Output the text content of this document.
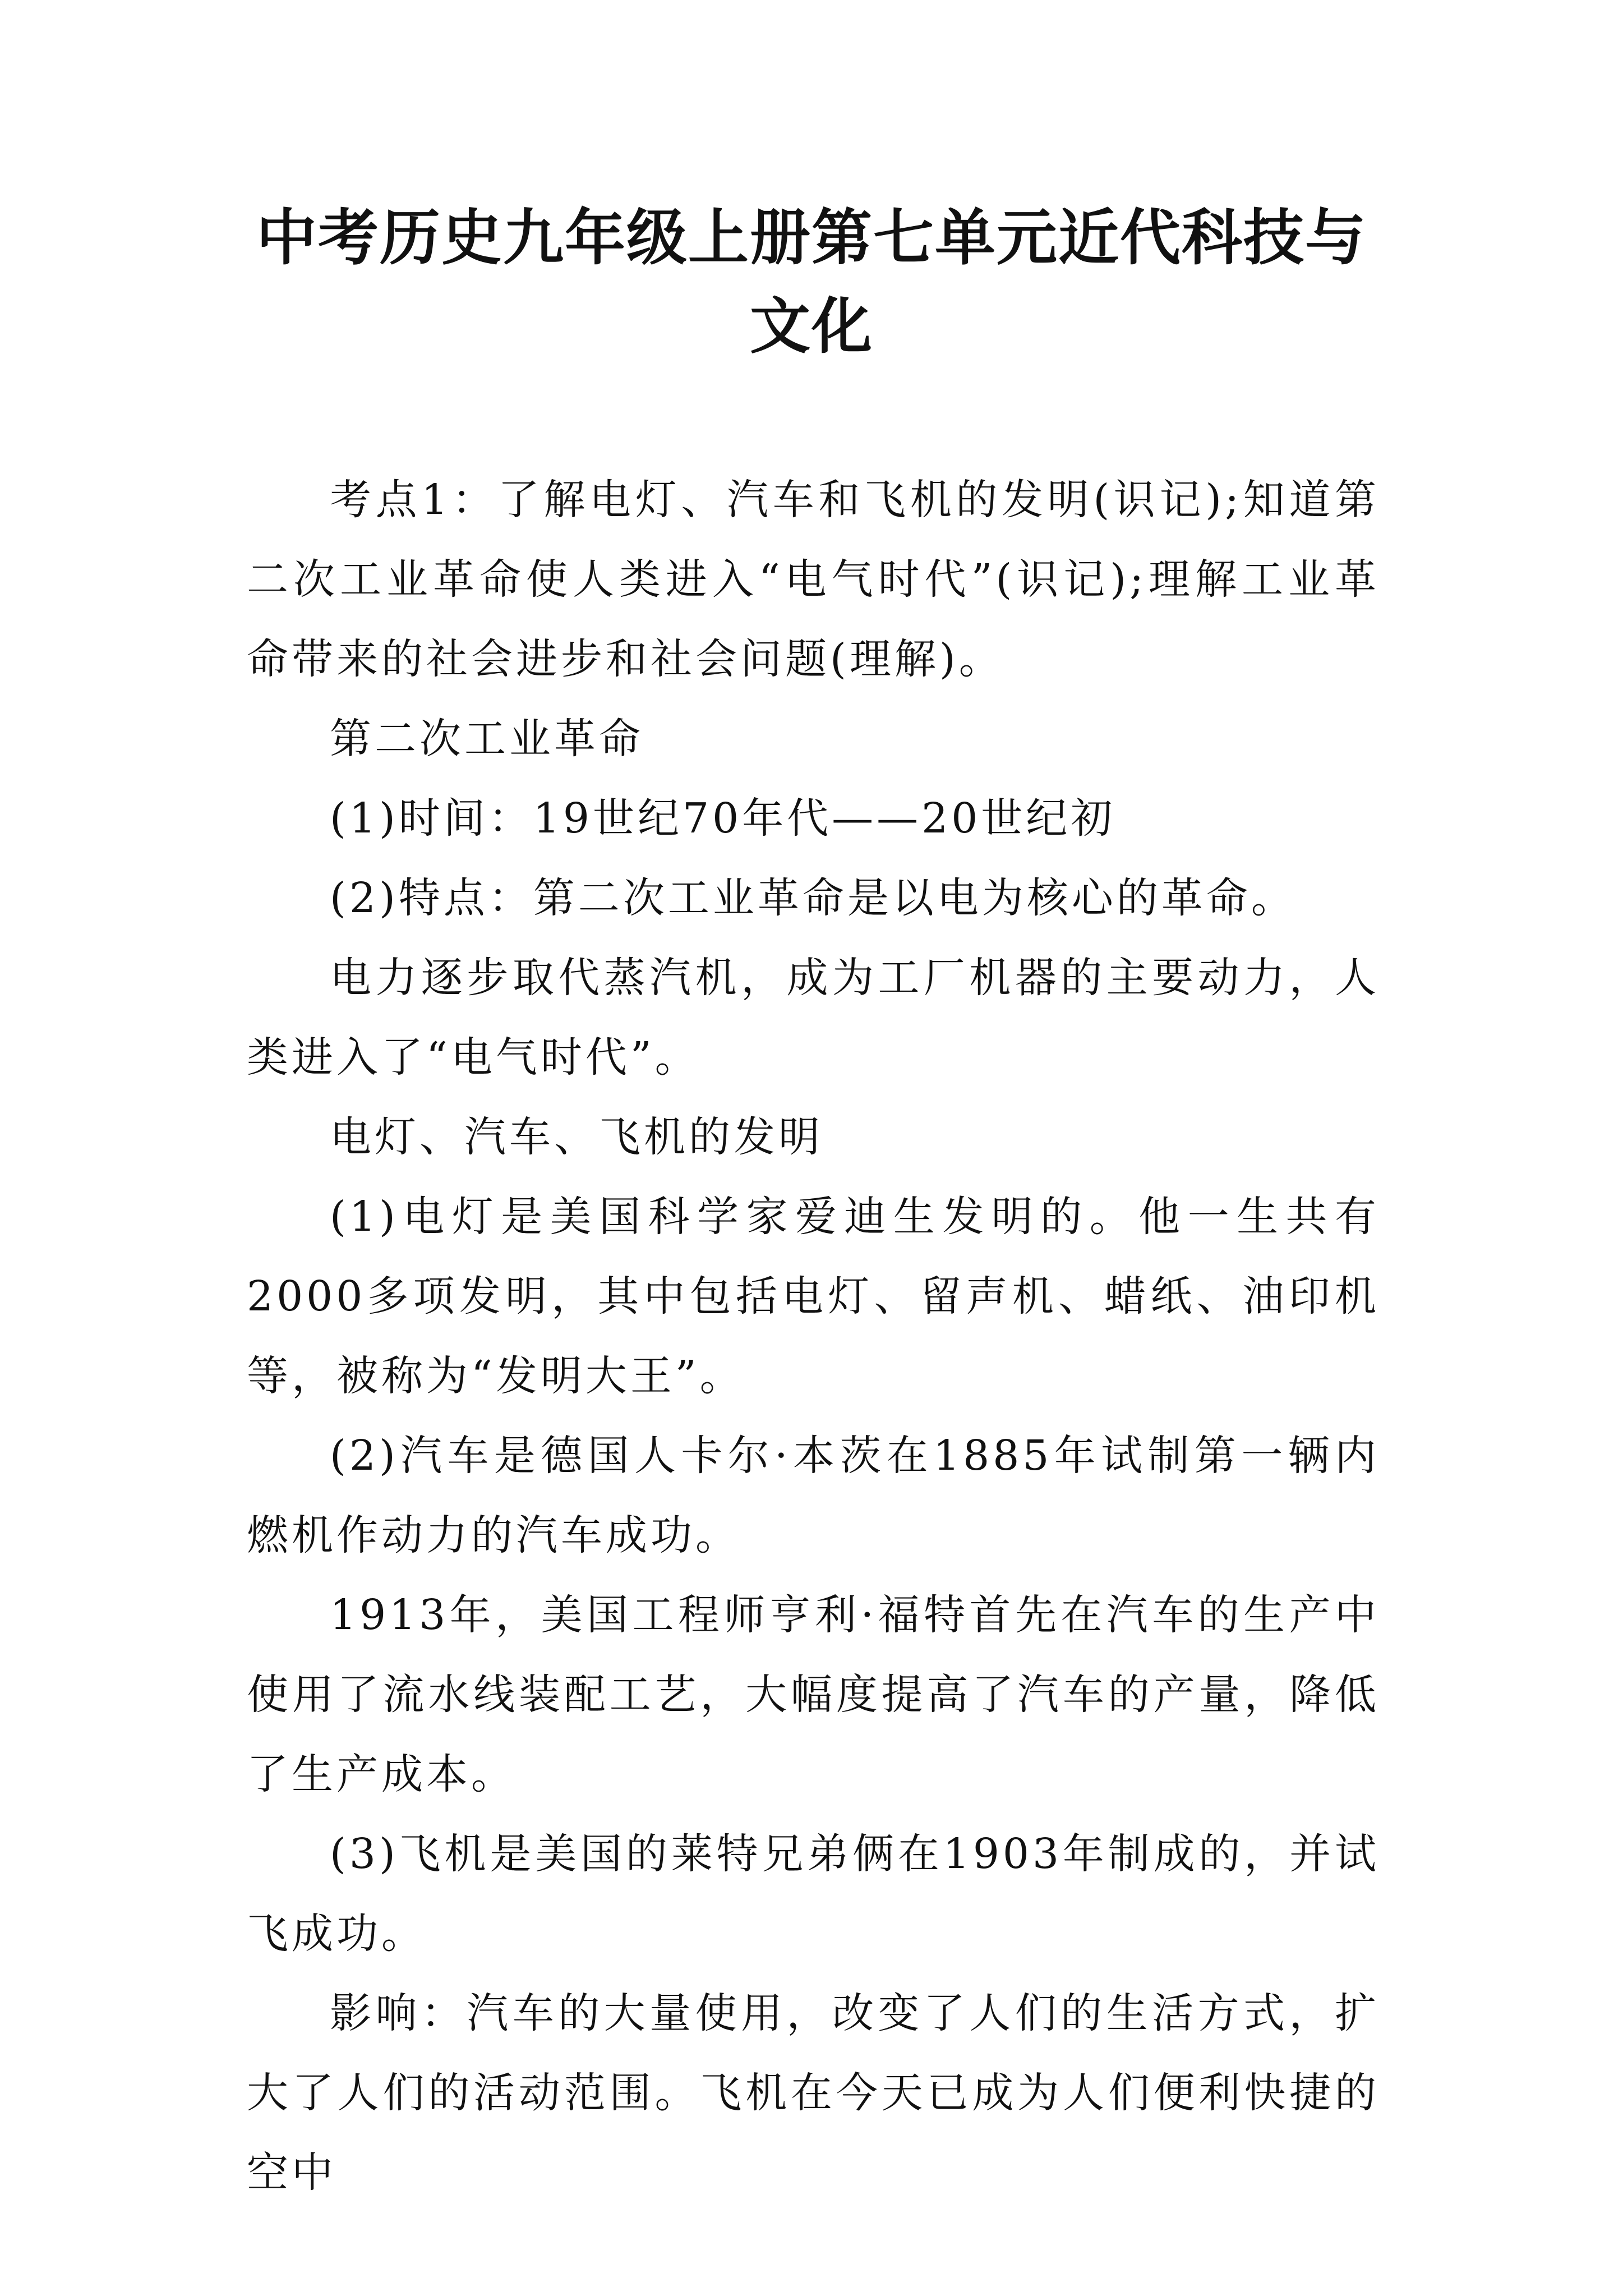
中考历史九年级上册第七单元近代科技与文化

考点1：了解电灯、汽车和飞机的发明(识记);知道第二次工业革命使人类进入“电气时代”(识记);理解工业革命带来的社会进步和社会问题(理解)。

第二次工业革命

(1)时间：19世纪70年代——20世纪初

(2)特点：第二次工业革命是以电为核心的革命。

电力逐步取代蒸汽机，成为工厂机器的主要动力，人类进入了“电气时代”。

电灯、汽车、飞机的发明

(1)电灯是美国科学家爱迪生发明的。他一生共有2000多项发明，其中包括电灯、留声机、蜡纸、油印机等，被称为“发明大王”。

(2)汽车是德国人卡尔·本茨在1885年试制第一辆内燃机作动力的汽车成功。

1913年，美国工程师亨利·福特首先在汽车的生产中使用了流水线装配工艺，大幅度提高了汽车的产量，降低了生产成本。

(3)飞机是美国的莱特兄弟俩在1903年制成的，并试飞成功。

影响：汽车的大量使用，改变了人们的生活方式，扩大了人们的活动范围。飞机在今天已成为人们便利快捷的空中
